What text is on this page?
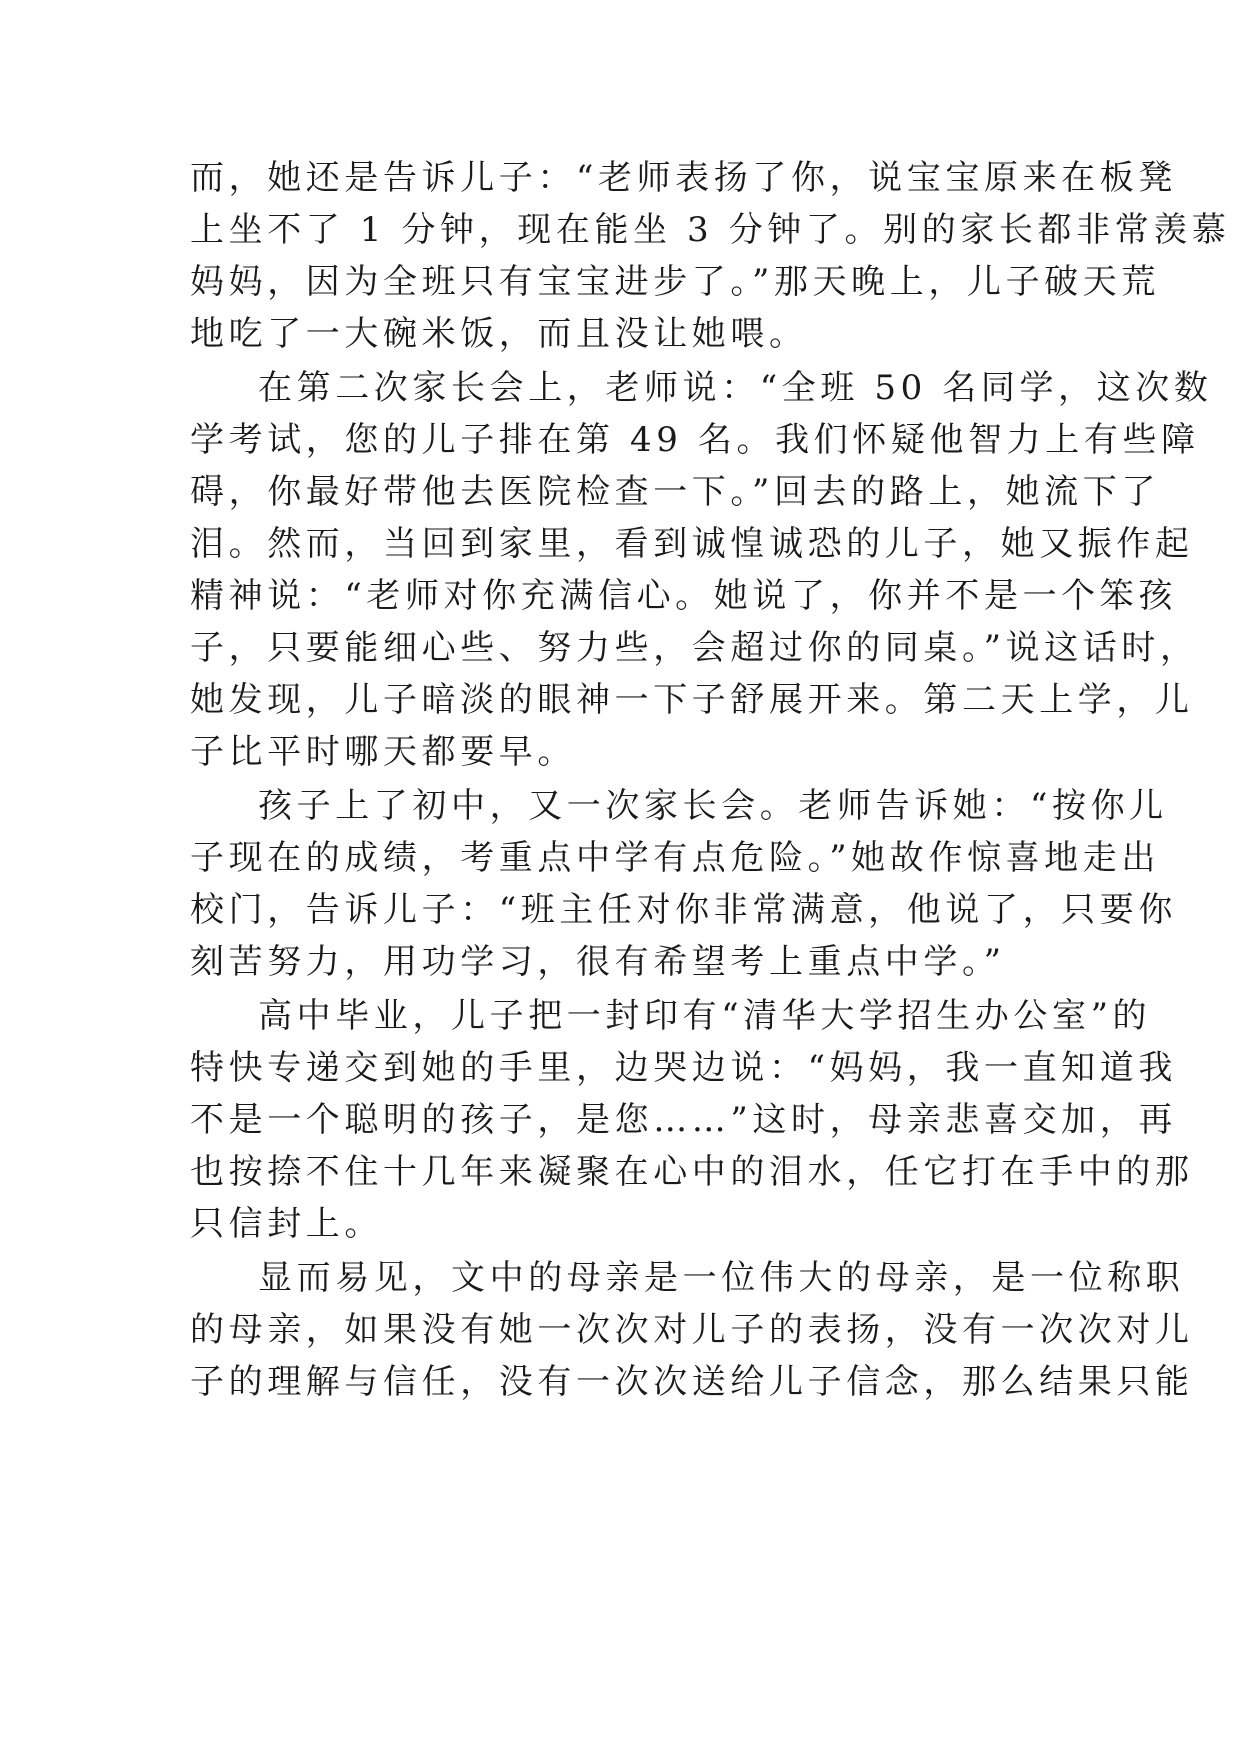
而，她还是告诉儿子：“老师表扬了你，说宝宝原来在板凳
上坐不了 1 分钟，现在能坐 3 分钟了。别的家长都非常羡慕
妈妈，因为全班只有宝宝进步了。”那天晚上，儿子破天荒
地吃了一大碗米饭，而且没让她喂。
在第二次家长会上，老师说：“全班 50 名同学，这次数
学考试，您的儿子排在第 49 名。我们怀疑他智力上有些障
碍，你最好带他去医院检查一下。”回去的路上，她流下了
泪。然而，当回到家里，看到诚惶诚恐的儿子，她又振作起
精神说：“老师对你充满信心。她说了，你并不是一个笨孩
子，只要能细心些、努力些，会超过你的同桌。”说这话时，
她发现，儿子暗淡的眼神一下子舒展开来。第二天上学，儿
子比平时哪天都要早。
孩子上了初中，又一次家长会。老师告诉她：“按你儿
子现在的成绩，考重点中学有点危险。”她故作惊喜地走出
校门，告诉儿子：“班主任对你非常满意，他说了，只要你
刻苦努力，用功学习，很有希望考上重点中学。”
高中毕业，儿子把一封印有“清华大学招生办公室”的
特快专递交到她的手里，边哭边说：“妈妈，我一直知道我
不是一个聪明的孩子，是您……”这时，母亲悲喜交加，再
也按捺不住十几年来凝聚在心中的泪水，任它打在手中的那
只信封上。
显而易见，文中的母亲是一位伟大的母亲，是一位称职
的母亲，如果没有她一次次对儿子的表扬，没有一次次对儿
子的理解与信任，没有一次次送给儿子信念，那么结果只能
